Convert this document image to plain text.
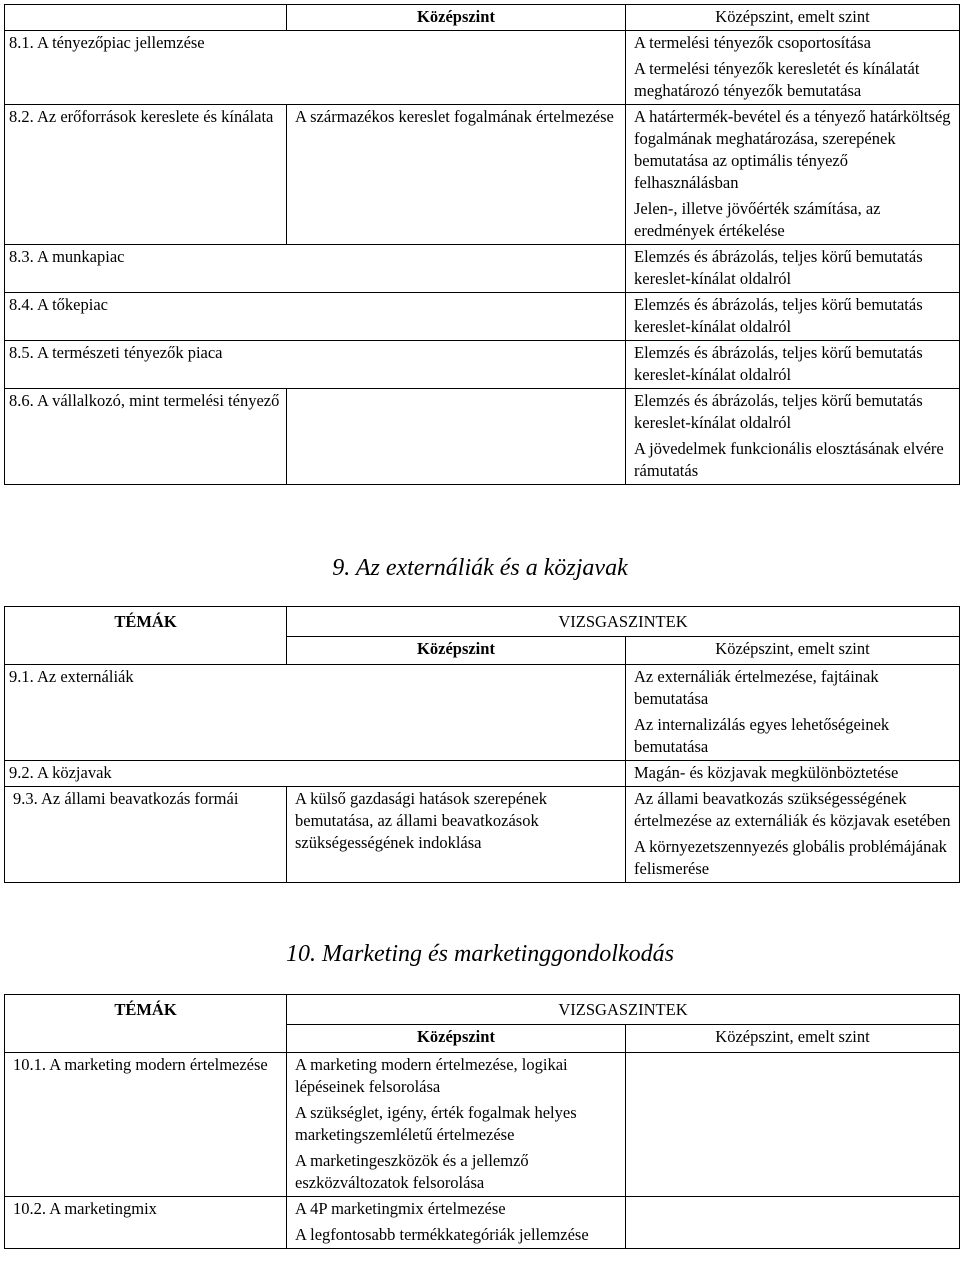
	Középszint	Középszint, emelt szint
8.1. A tényezőpiac jellemzése		A termelési tényezők csoportosítása
A termelési tényezők keresletét és kínálatát meghatározó tényezők bemutatása

8.2. Az erőforrások kereslete és kínálata	A származékos kereslet fogalmának értelmezése	A határtermék-bevétel és a tényező határköltség fogalmának meghatározása, szerepének bemutatása az optimális tényező felhasználásban
Jelen-, illetve jövőérték számítása, az eredmények értékelése

8.3. A munkapiac		Elemzés és ábrázolás, teljes körű bemutatás kereslet-kínálat oldalról

8.4. A tőkepiac		Elemzés és ábrázolás, teljes körű bemutatás kereslet-kínálat oldalról

8.5. A természeti tényezők piaca		Elemzés és ábrázolás, teljes körű bemutatás kereslet-kínálat oldalról

8.6. A vállalkozó, mint termelési tényező		Elemzés és ábrázolás, teljes körű bemutatás kereslet-kínálat oldalról
A jövedelmek funkcionális elosztásának elvére rámutatás
9. Az externáliák és a közjavak
TÉMÁK	VIZSGASZINTEK	
	Középszint	Középszint, emelt szint
9.1. Az externáliák		Az externáliák értelmezése, fajtáinak bemutatása
Az internalizálás egyes lehetőségeinek bemutatása

9.2. A közjavak		Magán- és közjavak megkülönböztetése

9.3. Az állami beavatkozás formái	A külső gazdasági hatások szerepének bemutatása, az állami beavatkozások szükségességének indoklása	Az állami beavatkozás szükségességének értelmezése az externáliák és közjavak esetében
A környezetszennyezés globális problémájának felismerése
10. Marketing és marketinggondolkodás
TÉMÁK	VIZSGASZINTEK	
	Középszint	Középszint, emelt szint

10.1. A marketing modern értelmezése	A marketing modern értelmezése, logikai lépéseinek felsorolása
A szükséglet, igény, érték fogalmak helyes marketingszemléletű értelmezése
A marketingeszközök és a jellemző eszközváltozatok felsorolása	

10.2. A marketingmix	A 4P marketingmix értelmezése
A legfontosabb termékkategóriák jellemzése	
